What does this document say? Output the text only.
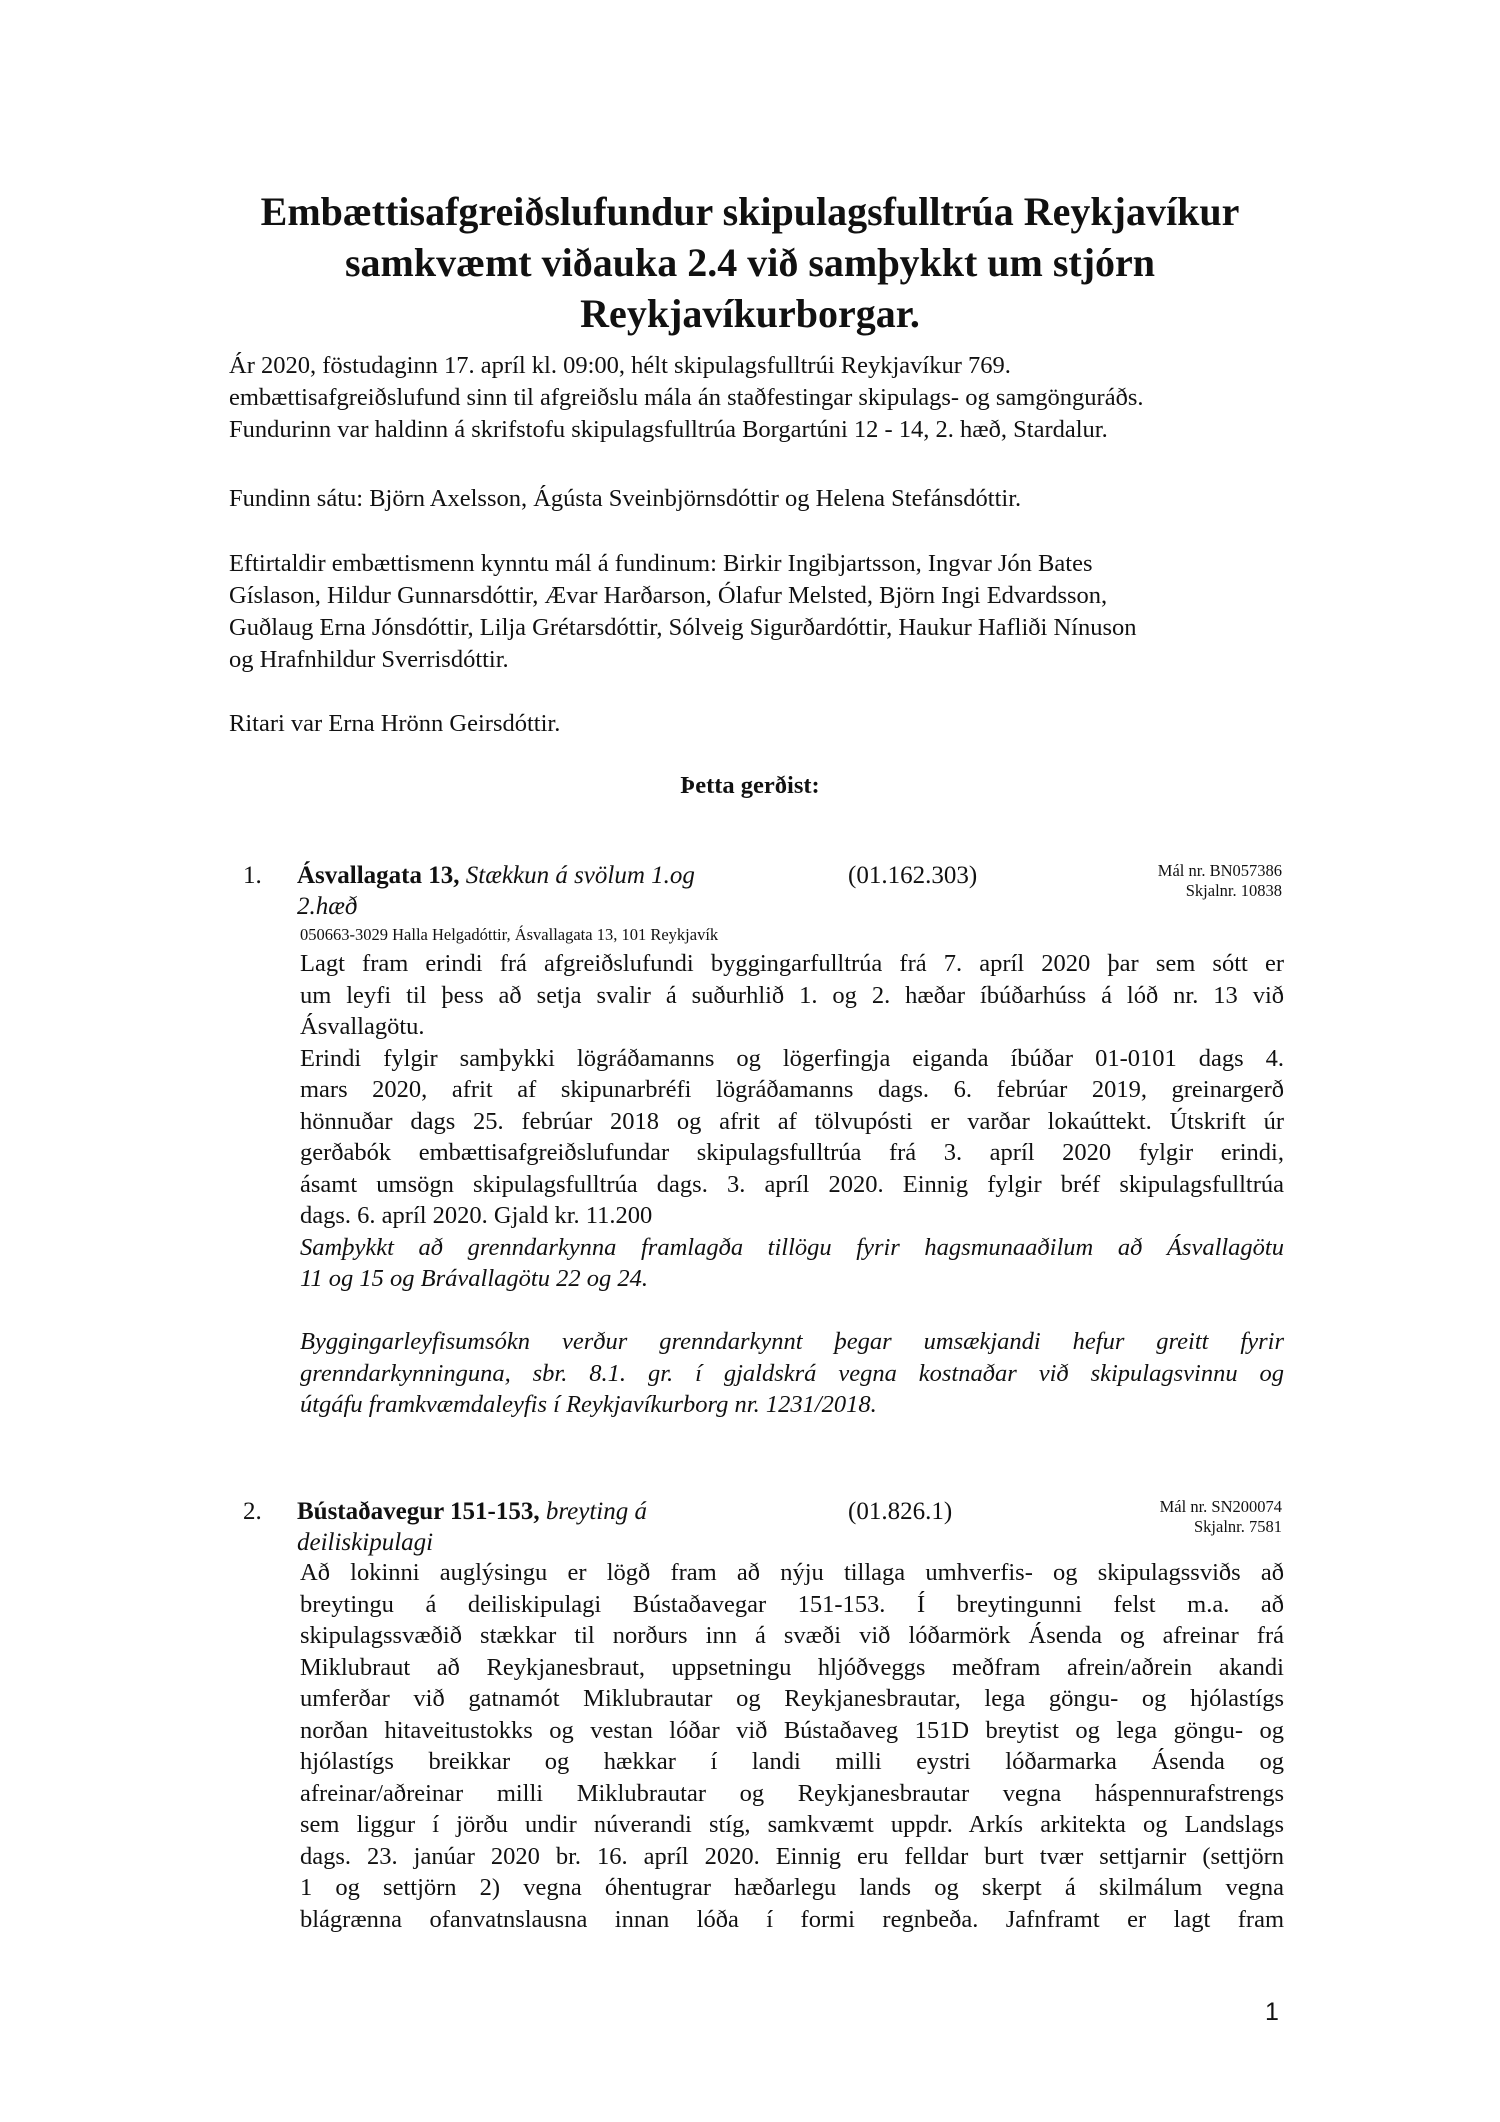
Embættisafgreiðslufundur skipulagsfulltrúa Reykjavíkur
samkvæmt viðauka 2.4 við samþykkt um stjórn
Reykjavíkurborgar.

Ár 2020, föstudaginn 17. apríl kl. 09:00, hélt skipulagsfulltrúi Reykjavíkur 769.
embættisafgreiðslufund sinn til afgreiðslu mála án staðfestingar skipulags- og samgönguráðs.
Fundurinn var haldinn á skrifstofu skipulagsfulltrúa Borgartúni 12 - 14, 2. hæð, Stardalur.

Fundinn sátu: Björn Axelsson, Ágústa Sveinbjörnsdóttir og Helena Stefánsdóttir.

Eftirtaldir embættismenn kynntu mál á fundinum: Birkir Ingibjartsson, Ingvar Jón Bates
Gíslason, Hildur Gunnarsdóttir, Ævar Harðarson, Ólafur Melsted, Björn Ingi Edvardsson,
Guðlaug Erna Jónsdóttir, Lilja Grétarsdóttir, Sólveig Sigurðardóttir, Haukur Hafliði Nínuson
og Hrafnhildur Sverrisdóttir.

Ritari var Erna Hrönn Geirsdóttir.

Þetta gerðist:

1. Ásvallagata 13, Stækkun á svölum 1.og
2.hæð
(01.162.303)	Mál nr. BN057386
Skjalnr. 10838
050663-3029 Halla Helgadóttir, Ásvallagata 13, 101 Reykjavík
Lagt fram erindi frá afgreiðslufundi byggingarfulltrúa frá 7. apríl 2020 þar sem sótt er
um leyfi til þess að setja svalir á suðurhlið 1. og 2. hæðar íbúðarhúss á lóð nr. 13 við
Ásvallagötu.
Erindi fylgir samþykki lögráðamanns og lögerfingja eiganda íbúðar 01-0101 dags 4.
mars 2020, afrit af skipunarbréfi lögráðamanns dags. 6. febrúar 2019, greinargerð
hönnuðar dags 25. febrúar 2018 og afrit af tölvupósti er varðar lokaúttekt. Útskrift úr
gerðabók embættisafgreiðslufundar skipulagsfulltrúa frá 3. apríl 2020 fylgir erindi,
ásamt umsögn skipulagsfulltrúa dags. 3. apríl 2020. Einnig fylgir bréf skipulagsfulltrúa
dags. 6. apríl 2020. Gjald kr. 11.200
Samþykkt að grenndarkynna framlagða tillögu fyrir hagsmunaaðilum að Ásvallagötu
11 og 15 og Brávallagötu 22 og 24.

Byggingarleyfisumsókn verður grenndarkynnt þegar umsækjandi hefur greitt fyrir
grenndarkynninguna, sbr. 8.1. gr. í gjaldskrá vegna kostnaðar við skipulagsvinnu og
útgáfu framkvæmdaleyfis í Reykjavíkurborg nr. 1231/2018.
2. Bústaðavegur 151-153, breyting á
deiliskipulagi
(01.826.1)	Mál nr. SN200074
Skjalnr. 7581
Að lokinni auglýsingu er lögð fram að nýju tillaga umhverfis- og skipulagssviðs að
breytingu á deiliskipulagi Bústaðavegar 151-153. Í breytingunni felst m.a. að
skipulagssvæðið stækkar til norðurs inn á svæði við lóðarmörk Ásenda og afreinar frá
Miklubraut að Reykjanesbraut, uppsetningu hljóðveggs meðfram afrein/aðrein akandi
umferðar við gatnamót Miklubrautar og Reykjanesbrautar, lega göngu- og hjólastígs
norðan hitaveitustokks og vestan lóðar við Bústaðaveg 151D breytist og lega göngu- og
hjólastígs breikkar og hækkar í landi milli eystri lóðarmarka Ásenda og
afreinar/aðreinar milli Miklubrautar og Reykjanesbrautar vegna háspennurafstrengs
sem liggur í jörðu undir núverandi stíg, samkvæmt uppdr. Arkís arkitekta og Landslags
dags. 23. janúar 2020 br. 16. apríl 2020. Einnig eru felldar burt tvær settjarnir (settjörn
1 og settjörn 2) vegna óhentugrar hæðarlegu lands og skerpt á skilmálum vegna
blágrænna ofanvatnslausna innan lóða í formi regnbeða. Jafnframt er lagt fram
1
